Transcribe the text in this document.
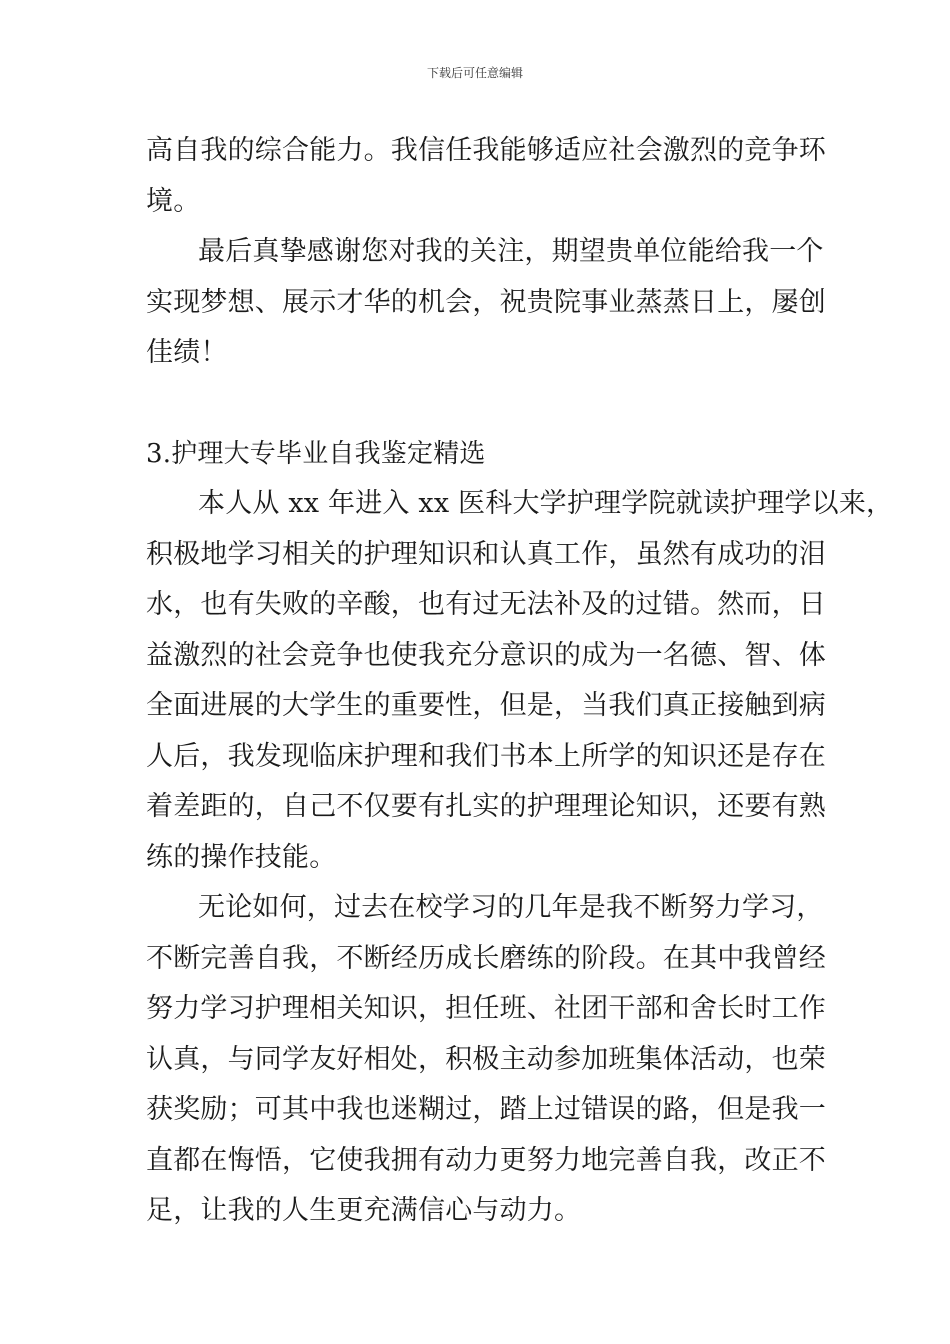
下载后可任意编辑
高自我的综合能力。我信任我能够适应社会激烈的竞争环
境。
最后真挚感谢您对我的关注，期望贵单位能给我一个
实现梦想、展示才华的机会，祝贵院事业蒸蒸日上，屡创
佳绩！
3.护理大专毕业自我鉴定精选
本人从 xx 年进入 xx 医科大学护理学院就读护理学以来，
积极地学习相关的护理知识和认真工作，虽然有成功的泪
水，也有失败的辛酸，也有过无法补及的过错。然而，日
益激烈的社会竞争也使我充分意识的成为一名德、智、体
全面进展的大学生的重要性，但是，当我们真正接触到病
人后，我发现临床护理和我们书本上所学的知识还是存在
着差距的，自己不仅要有扎实的护理理论知识，还要有熟
练的操作技能。
无论如何，过去在校学习的几年是我不断努力学习，
不断完善自我，不断经历成长磨练的阶段。在其中我曾经
努力学习护理相关知识，担任班、社团干部和舍长时工作
认真，与同学友好相处，积极主动参加班集体活动，也荣
获奖励；可其中我也迷糊过，踏上过错误的路，但是我一
直都在悔悟，它使我拥有动力更努力地完善自我，改正不
足，让我的人生更充满信心与动力。
